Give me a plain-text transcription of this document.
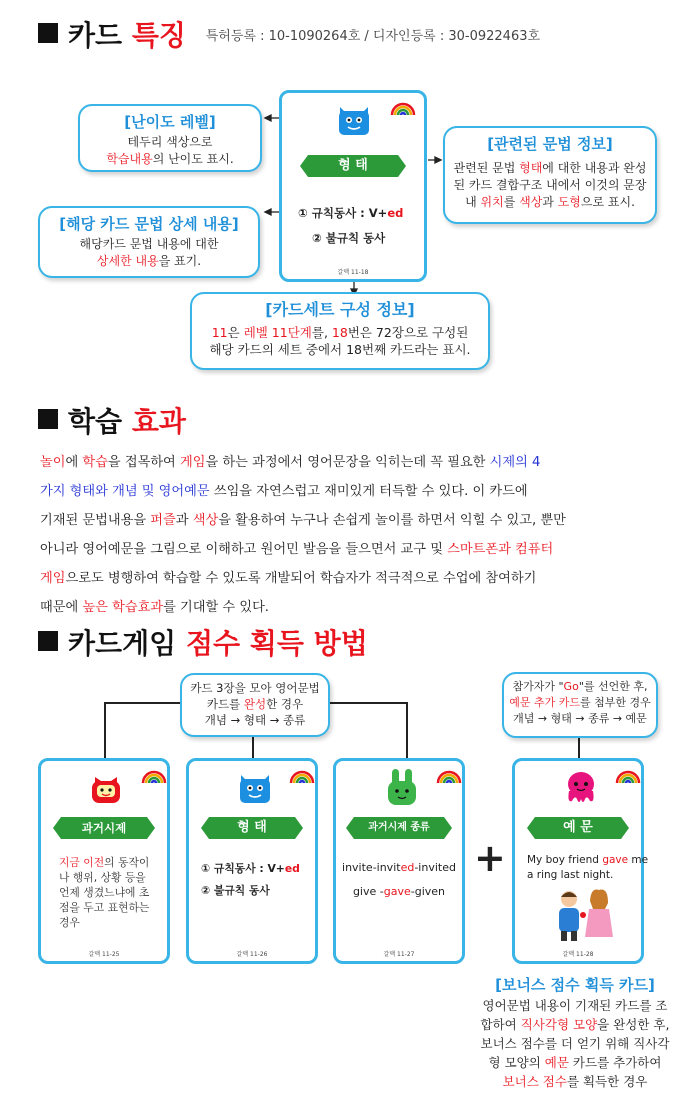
카드 특징 $^{특허등록 : 10-1090264호 / 디자인등록 : 30-0922463호}$
형 태
① 규칙동사 : V+ed
② 불규칙 동사
갈맥 11-18
[난이도 레벨]
테두리 색상으로
학습내용의 난이도 표시.
[해당 카드 문법 상세 내용]
해당카드 문법 내용에 대한
상세한 내용을 표기.
[관련된 문법 정보]
관련된 문법 형태에 대한 내용과 완성
된 카드 결합구조 내에서 이것의 문장
내 위치를 색상과 도형으로 표시.
[카드세트 구성 정보]
11은 레벨 11단계를, 18번은 72장으로 구성된
해당 카드의 세트 중에서 18번째 카드라는 표시.
학습 효과
놀이에 학습을 접목하여 게임을 하는 과정에서 영어문장을 익히는데 꼭 필요한 시제의 4
가지 형태와 개념 및 영어예문 쓰임을 자연스럽고 재미있게 터득할 수 있다. 이 카드에
기재된 문법내용을 퍼즐과 색상을 활용하여 누구나 손쉽게 놀이를 하면서 익힐 수 있고, 뿐만
아니라 영어예문을 그림으로 이해하고 원어민 발음을 들으면서 교구 및 스마트폰과 컴퓨터
게임으로도 병행하여 학습할 수 있도록 개발되어 학습자가 적극적으로 수업에 참여하기
때문에 높은 학습효과를 기대할 수 있다.
카드게임 점수 획득 방법
카드 3장을 모아 영어문법
카드를 완성한 경우
개념 → 형태 → 종류
참가자가 "Go"를 선언한 후,
예문 추가 카드를 첨부한 경우
개념 → 형태 → 종류 → 예문
과거시제
지금 이전의 동작이
나 행위, 상황 등을
언제 생겼느냐에 초
점을 두고 표현하는
경우
갈맥 11-25
형 태
① 규칙동사 : V+ed
② 불규칙 동사
갈맥 11-26
과거시제 종류
invite-invited-invited
give -gave-given
갈맥 11-27
+
예 문
My boy friend gave me
a ring last night.
갈맥 11-28
[보너스 점수 획득 카드]
영어문법 내용이 기재된 카드를 조
합하여 직사각형 모양을 완성한 후,
보너스 점수를 더 얻기 위해 직사각
형 모양의 예문 카드를 추가하여
보너스 점수를 획득한 경우
